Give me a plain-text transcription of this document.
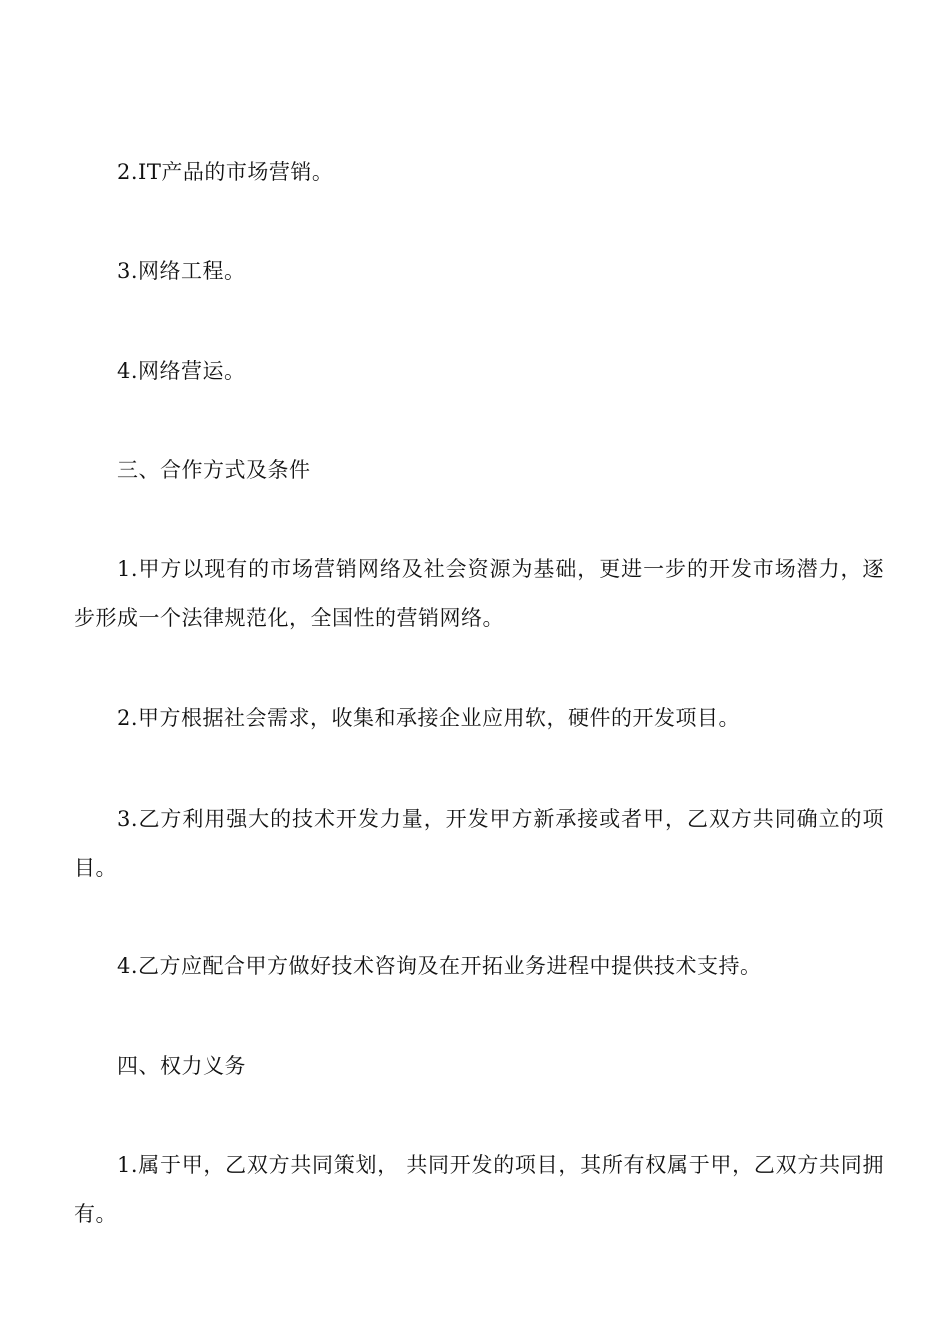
2.IT产品的市场营销。

3.网络工程。

4.网络营运。

三、合作方式及条件

1.甲方以现有的市场营销网络及社会资源为基础，更进一步的开发市场潜力，逐步形成一个法律规范化，全国性的营销网络。

2.甲方根据社会需求，收集和承接企业应用软，硬件的开发项目。

3.乙方利用强大的技术开发力量，开发甲方新承接或者甲，乙双方共同确立的项目。

4.乙方应配合甲方做好技术咨询及在开拓业务进程中提供技术支持。

四、权力义务

1.属于甲，乙双方共同策划， 共同开发的项目，其所有权属于甲，乙双方共同拥有。
